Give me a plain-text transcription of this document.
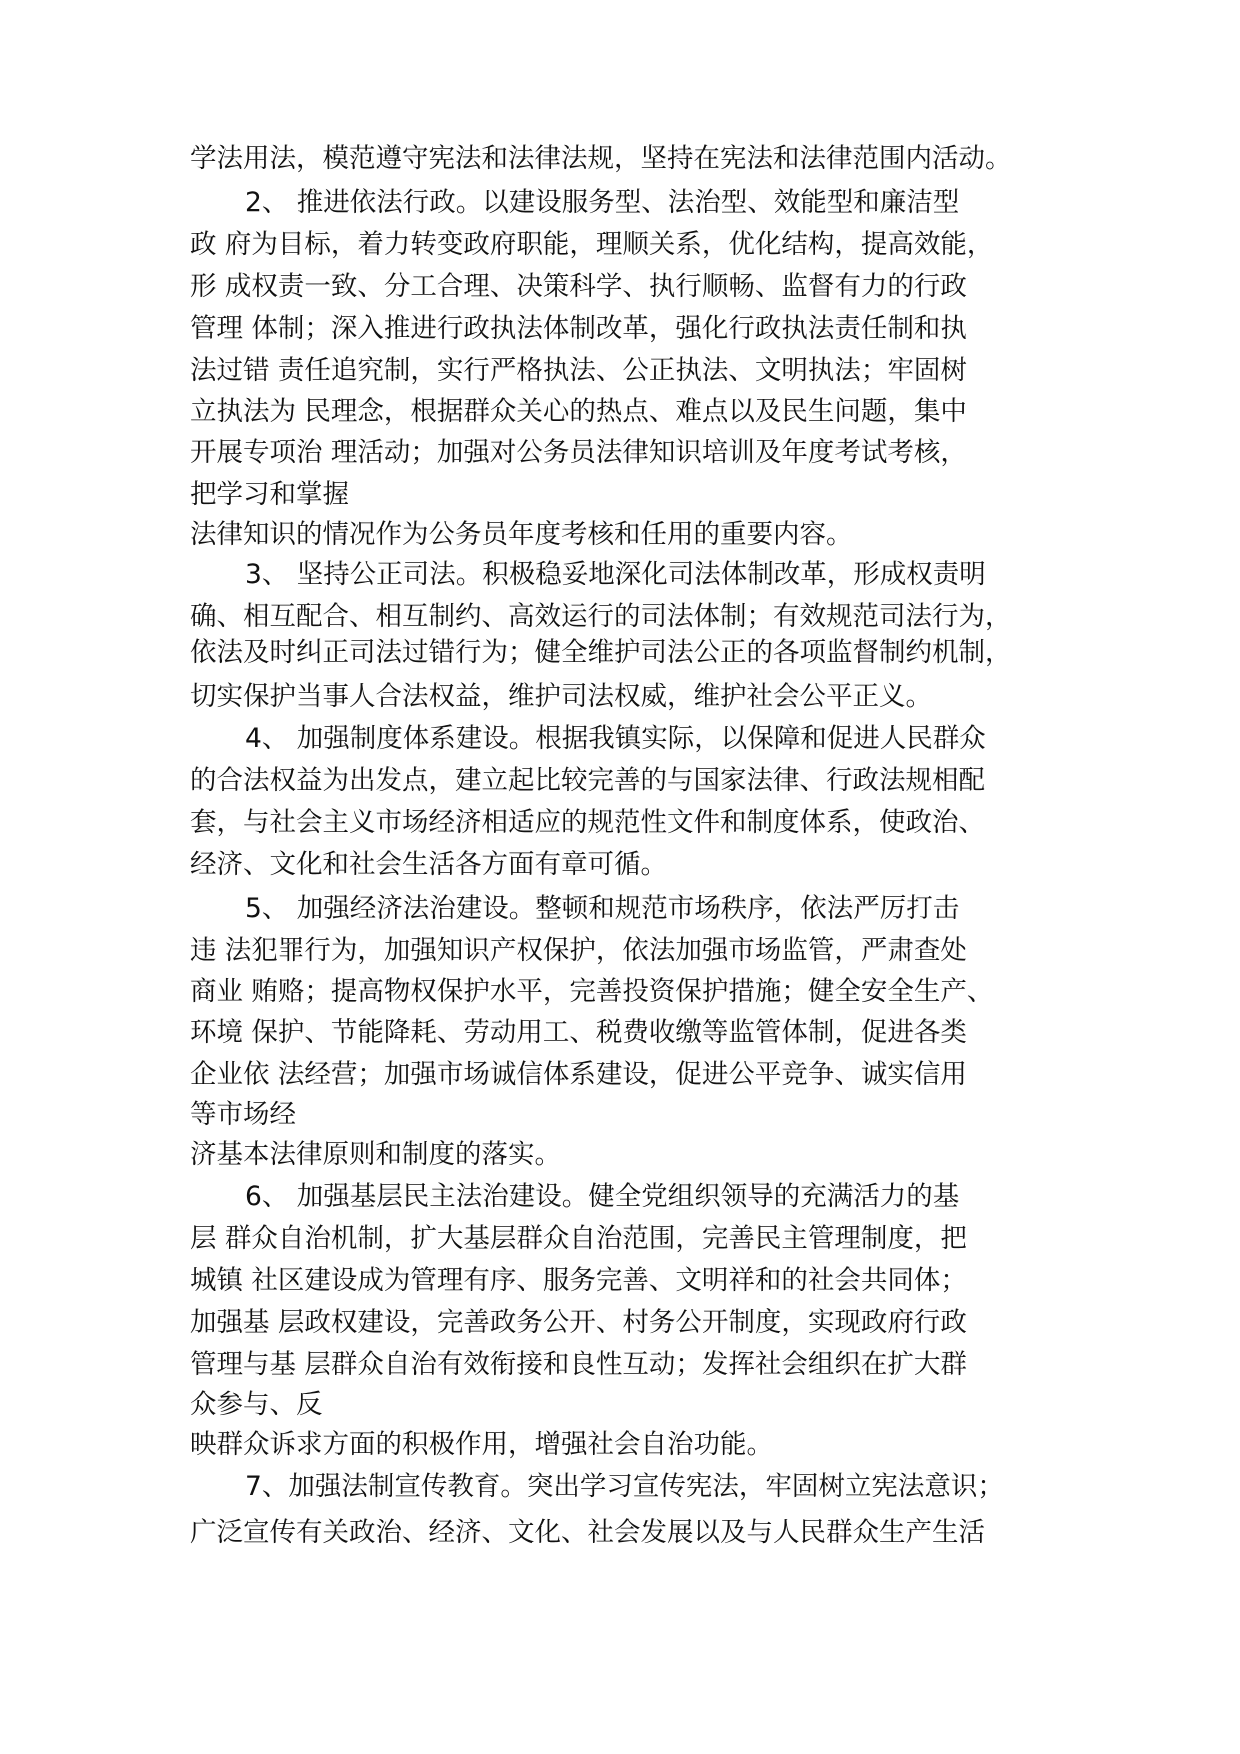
学法用法，模范遵守宪法和法律法规，坚持在宪法和法律范围内活动。
2、 推进依法行政。以建设服务型、法治型、效能型和廉洁型
政 府为目标，着力转变政府职能，理顺关系，优化结构，提高效能，
形 成权责一致、分工合理、决策科学、执行顺畅、监督有力的行政
管理 体制；深入推进行政执法体制改革，强化行政执法责任制和执
法过错 责任追究制，实行严格执法、公正执法、文明执法；牢固树
立执法为 民理念，根据群众关心的热点、难点以及民生问题，集中
开展专项治 理活动；加强对公务员法律知识培训及年度考试考核，
把学习和掌握
法律知识的情况作为公务员年度考核和任用的重要内容。
3、 坚持公正司法。积极稳妥地深化司法体制改革，形成权责明
确、相互配合、相互制约、高效运行的司法体制；有效规范司法行为，
依法及时纠正司法过错行为；健全维护司法公正的各项监督制约机制，
切实保护当事人合法权益，维护司法权威，维护社会公平正义。
4、 加强制度体系建设。根据我镇实际，以保障和促进人民群众
的合法权益为出发点，建立起比较完善的与国家法律、行政法规相配
套，与社会主义市场经济相适应的规范性文件和制度体系，使政治、
经济、文化和社会生活各方面有章可循。
5、 加强经济法治建设。整顿和规范市场秩序，依法严厉打击
违 法犯罪行为，加强知识产权保护，依法加强市场监管，严肃查处
商业 贿赂；提高物权保护水平，完善投资保护措施；健全安全生产、
环境 保护、节能降耗、劳动用工、税费收缴等监管体制，促进各类
企业依 法经营；加强市场诚信体系建设，促进公平竞争、诚实信用
等市场经
济基本法律原则和制度的落实。
6、 加强基层民主法治建设。健全党组织领导的充满活力的基
层 群众自治机制，扩大基层群众自治范围，完善民主管理制度，把
城镇 社区建设成为管理有序、服务完善、文明祥和的社会共同体；
加强基 层政权建设，完善政务公开、村务公开制度，实现政府行政
管理与基 层群众自治有效衔接和良性互动；发挥社会组织在扩大群
众参与、反
映群众诉求方面的积极作用，增强社会自治功能。
7、加强法制宣传教育。突出学习宣传宪法，牢固树立宪法意识；
广泛宣传有关政治、经济、文化、社会发展以及与人民群众生产生活
